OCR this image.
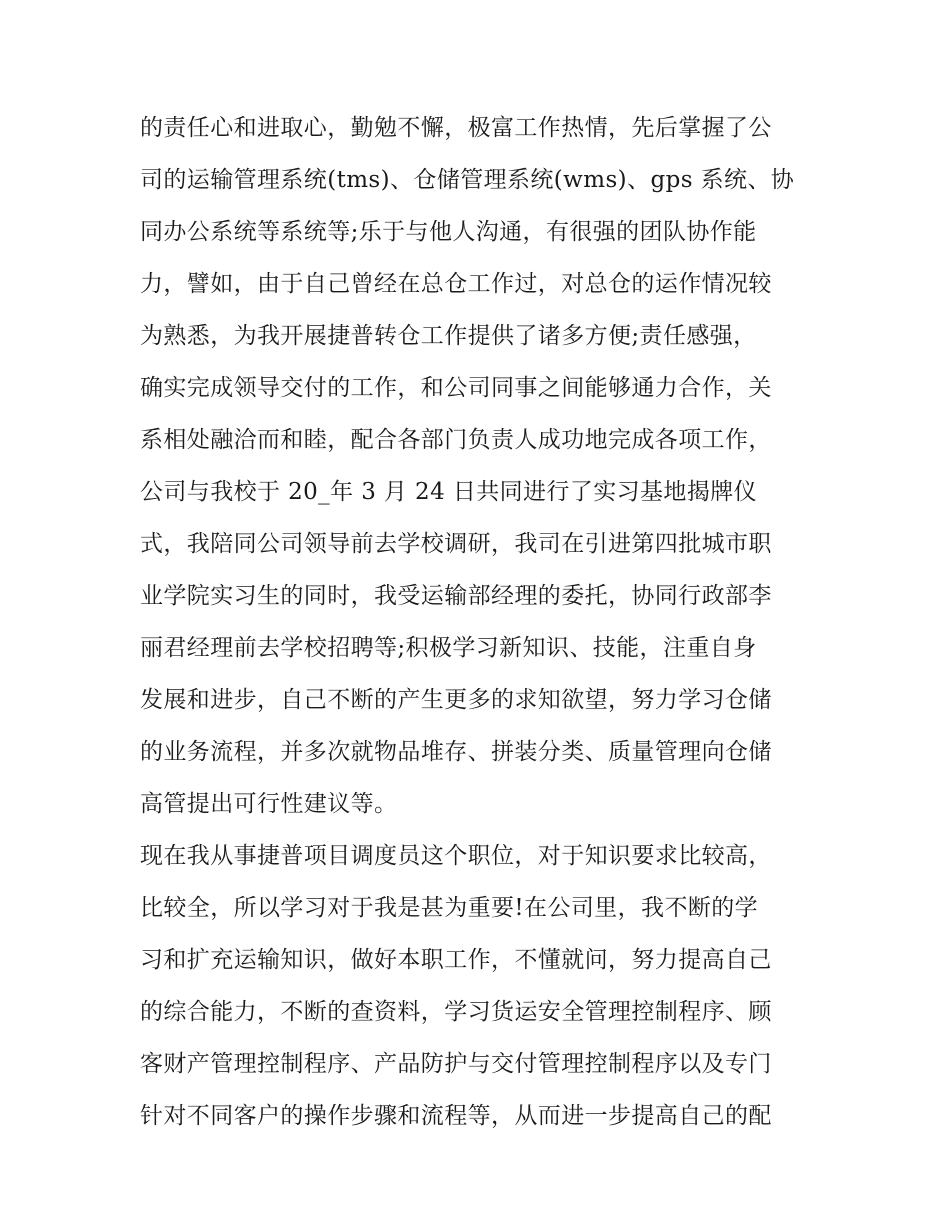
的责任心和进取心，勤勉不懈，极富工作热情，先后掌握了公
司的运输管理系统(tms)、仓储管理系统(wms)、gps 系统、协
同办公系统等系统等;乐于与他人沟通，有很强的团队协作能
力，譬如，由于自己曾经在总仓工作过，对总仓的运作情况较
为熟悉，为我开展捷普转仓工作提供了诸多方便;责任感强，
确实完成领导交付的工作，和公司同事之间能够通力合作，关
系相处融洽而和睦，配合各部门负责人成功地完成各项工作，
公司与我校于 20_年 3 月 24 日共同进行了实习基地揭牌仪
式，我陪同公司领导前去学校调研，我司在引进第四批城市职
业学院实习生的同时，我受运输部经理的委托，协同行政部李
丽君经理前去学校招聘等;积极学习新知识、技能，注重自身
发展和进步，自己不断的产生更多的求知欲望，努力学习仓储
的业务流程，并多次就物品堆存、拼装分类、质量管理向仓储
高管提出可行性建议等。
现在我从事捷普项目调度员这个职位，对于知识要求比较高，
比较全，所以学习对于我是甚为重要!在公司里，我不断的学
习和扩充运输知识，做好本职工作，不懂就问，努力提高自己
的综合能力，不断的查资料，学习货运安全管理控制程序、顾
客财产管理控制程序、产品防护与交付管理控制程序以及专门
针对不同客户的操作步骤和流程等，从而进一步提高自己的配
